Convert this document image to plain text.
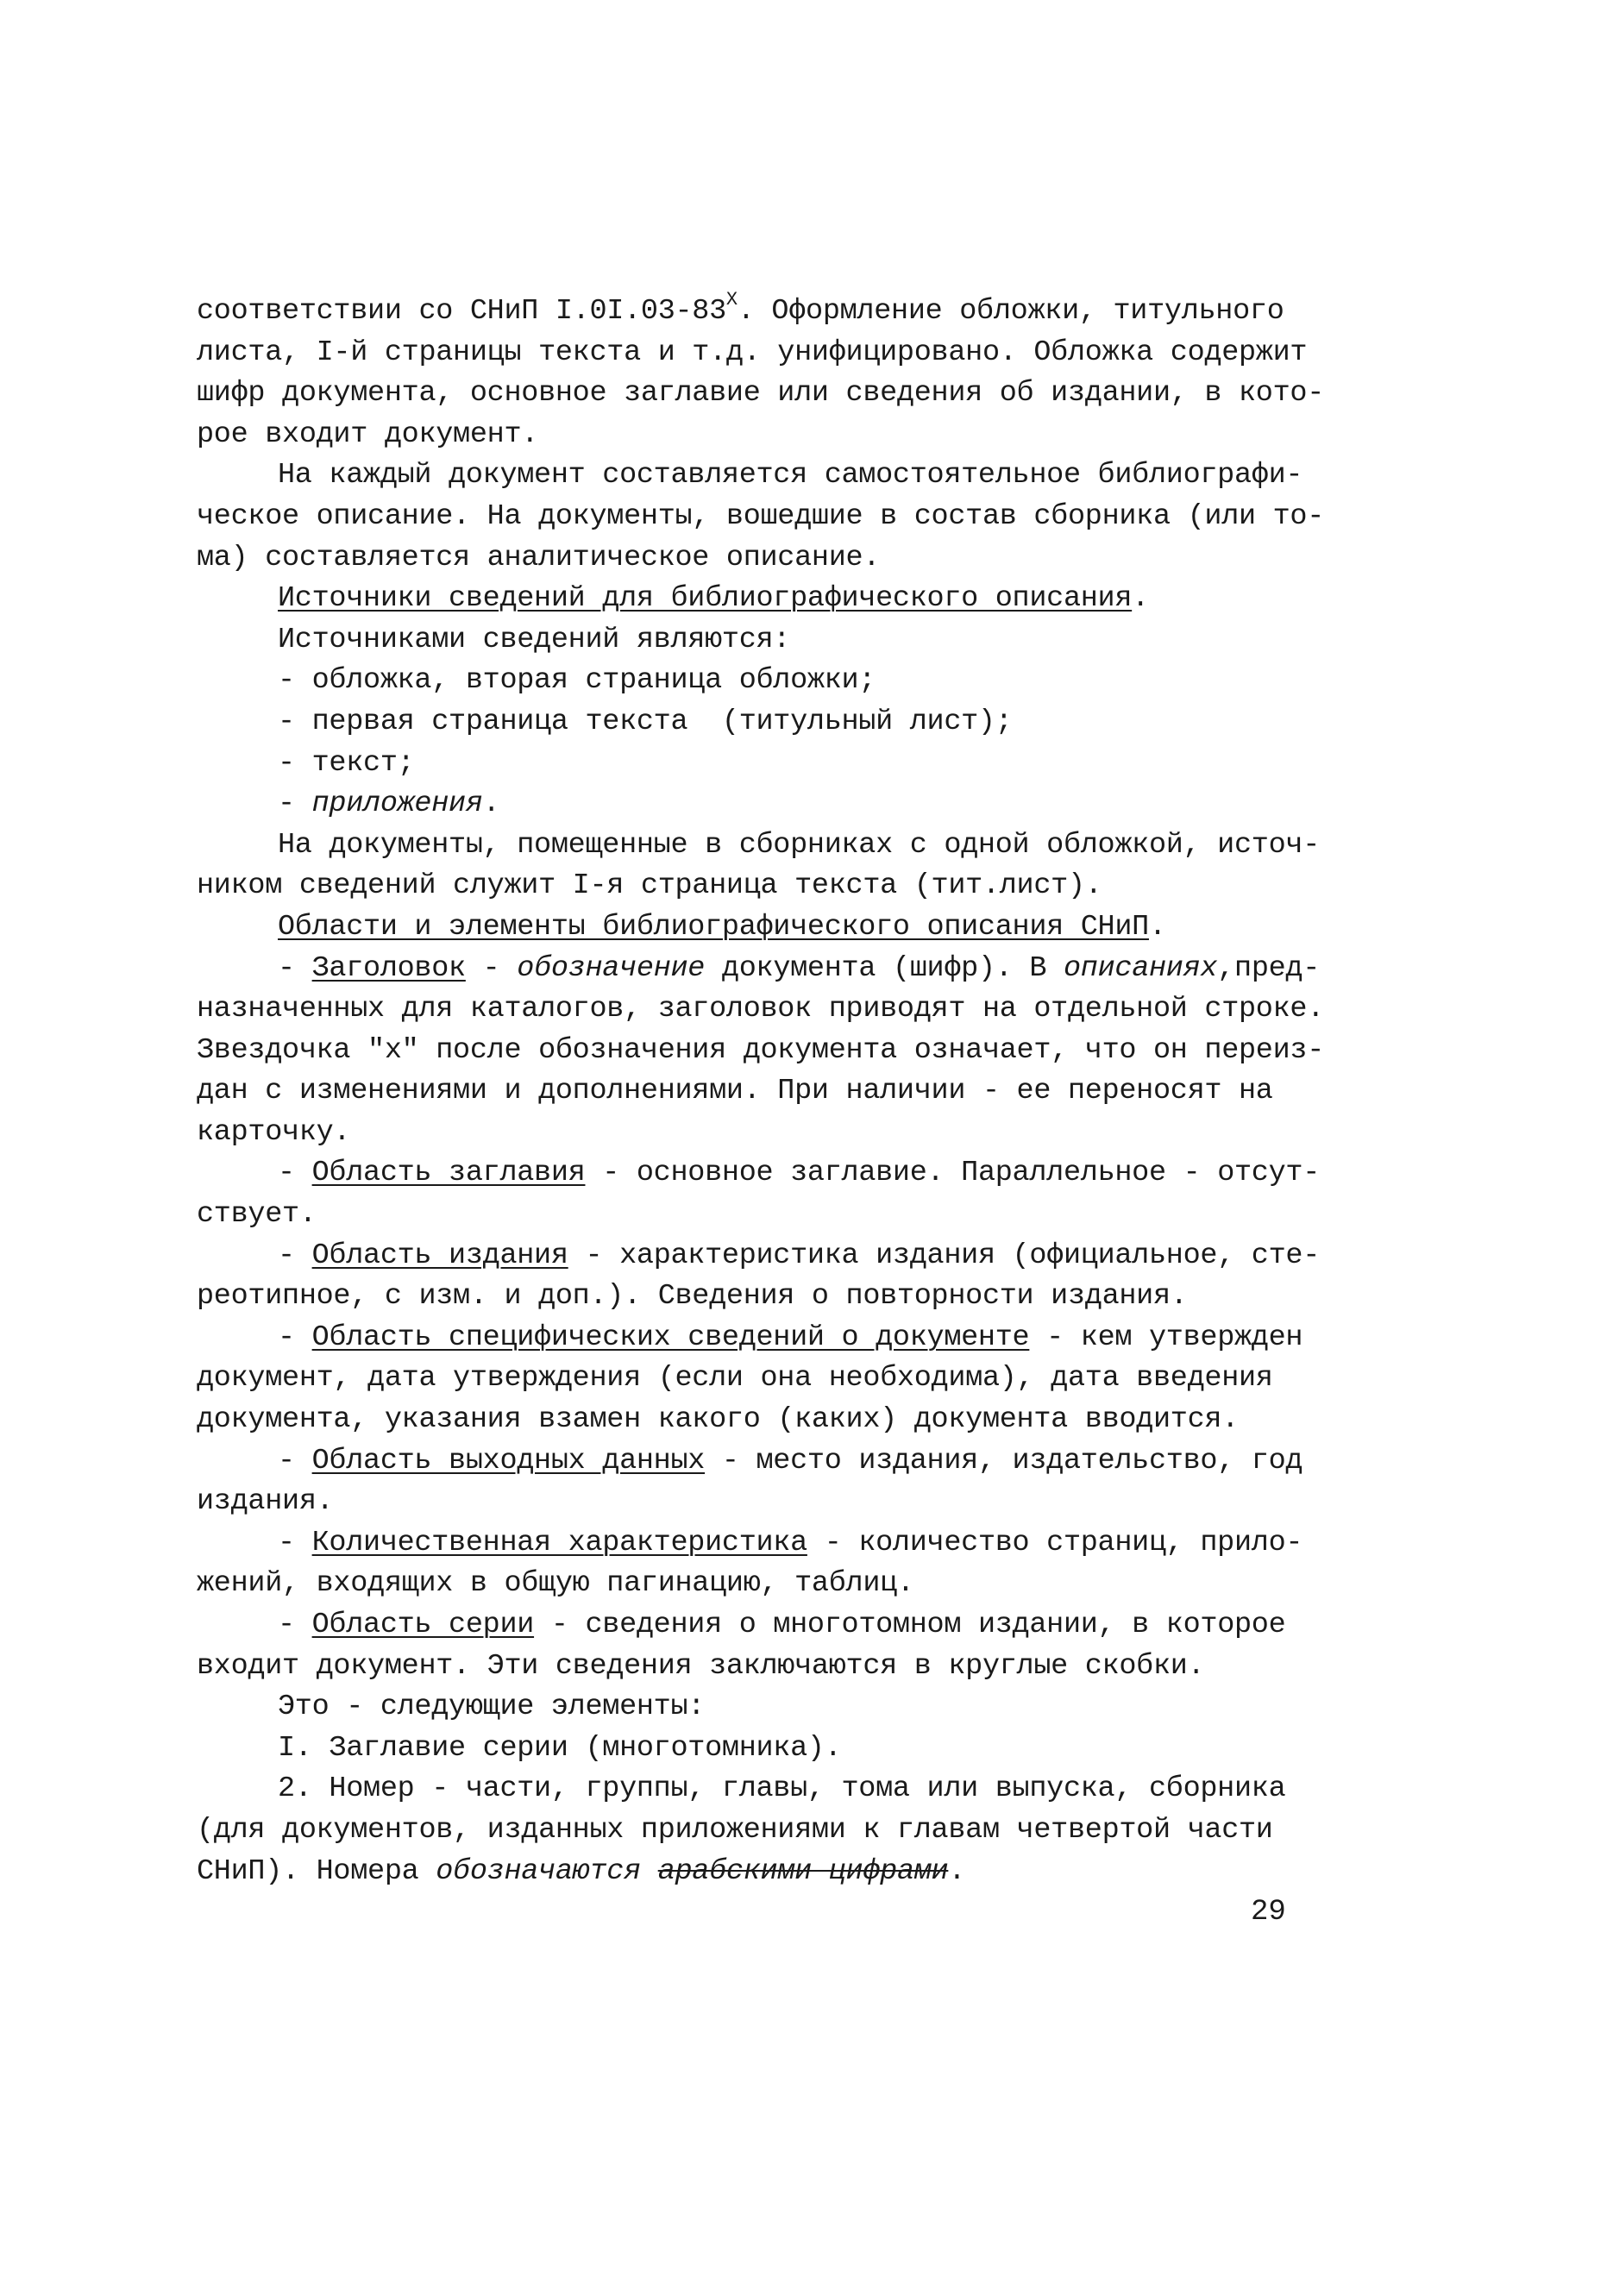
соответствии со СНиП $I.0I.03-83^X$. Оформление обложки, титульного
листа, I-й страницы текста и т.д. унифицировано. Обложка содержит
шифр документа, основное заглавие или сведения об издании, в кото-
рое входит документ.
На каждый документ составляется самостоятельное библиографи-
ческое описание. На документы, вошедшие в состав сборника (или то-
ма) составляется аналитическое описание.
Источники сведений для библиографического описания.
Источниками сведений являются:
- обложка, вторая страница обложки;
- первая страница текста  (титульный лист);
- текст;
- приложения.
На документы, помещенные в сборниках с одной обложкой, источ-
ником сведений служит I-я страница текста (тит.лист).
Области и элементы библиографического описания СНиП.
- Заголовок - обозначение документа (шифр). В описаниях,пред-
назначенных для каталогов, заголовок приводят на отдельной строке.
Звездочка "х" после обозначения документа означает, что он переиз-
дан с изменениями и дополнениями. При наличии - ее переносят на
карточку.
- Область заглавия - основное заглавие. Параллельное - отсут-
ствует.
- Область издания - характеристика издания (официальное, сте-
реотипное, с изм. и доп.). Сведения о повторности издания.
- Область специфических сведений о документе - кем утвержден
документ, дата утверждения (если она необходима), дата введения
документа, указания взамен какого (каких) документа вводится.
- Область выходных данных - место издания, издательство, год
издания.
- Количественная характеристика - количество страниц, прило-
жений, входящих в общую пагинацию, таблиц.
- Область серии - сведения о многотомном издании, в которое
входит документ. Эти сведения заключаются в круглые скобки.
Это - следующие элементы:
I. Заглавие серии (многотомника).
2. Номер - части, группы, главы, тома или выпуска, сборника
(для документов, изданных приложениями к главам четвертой части
СНиП). Номера обозначаются арабскими цифрами.
29
